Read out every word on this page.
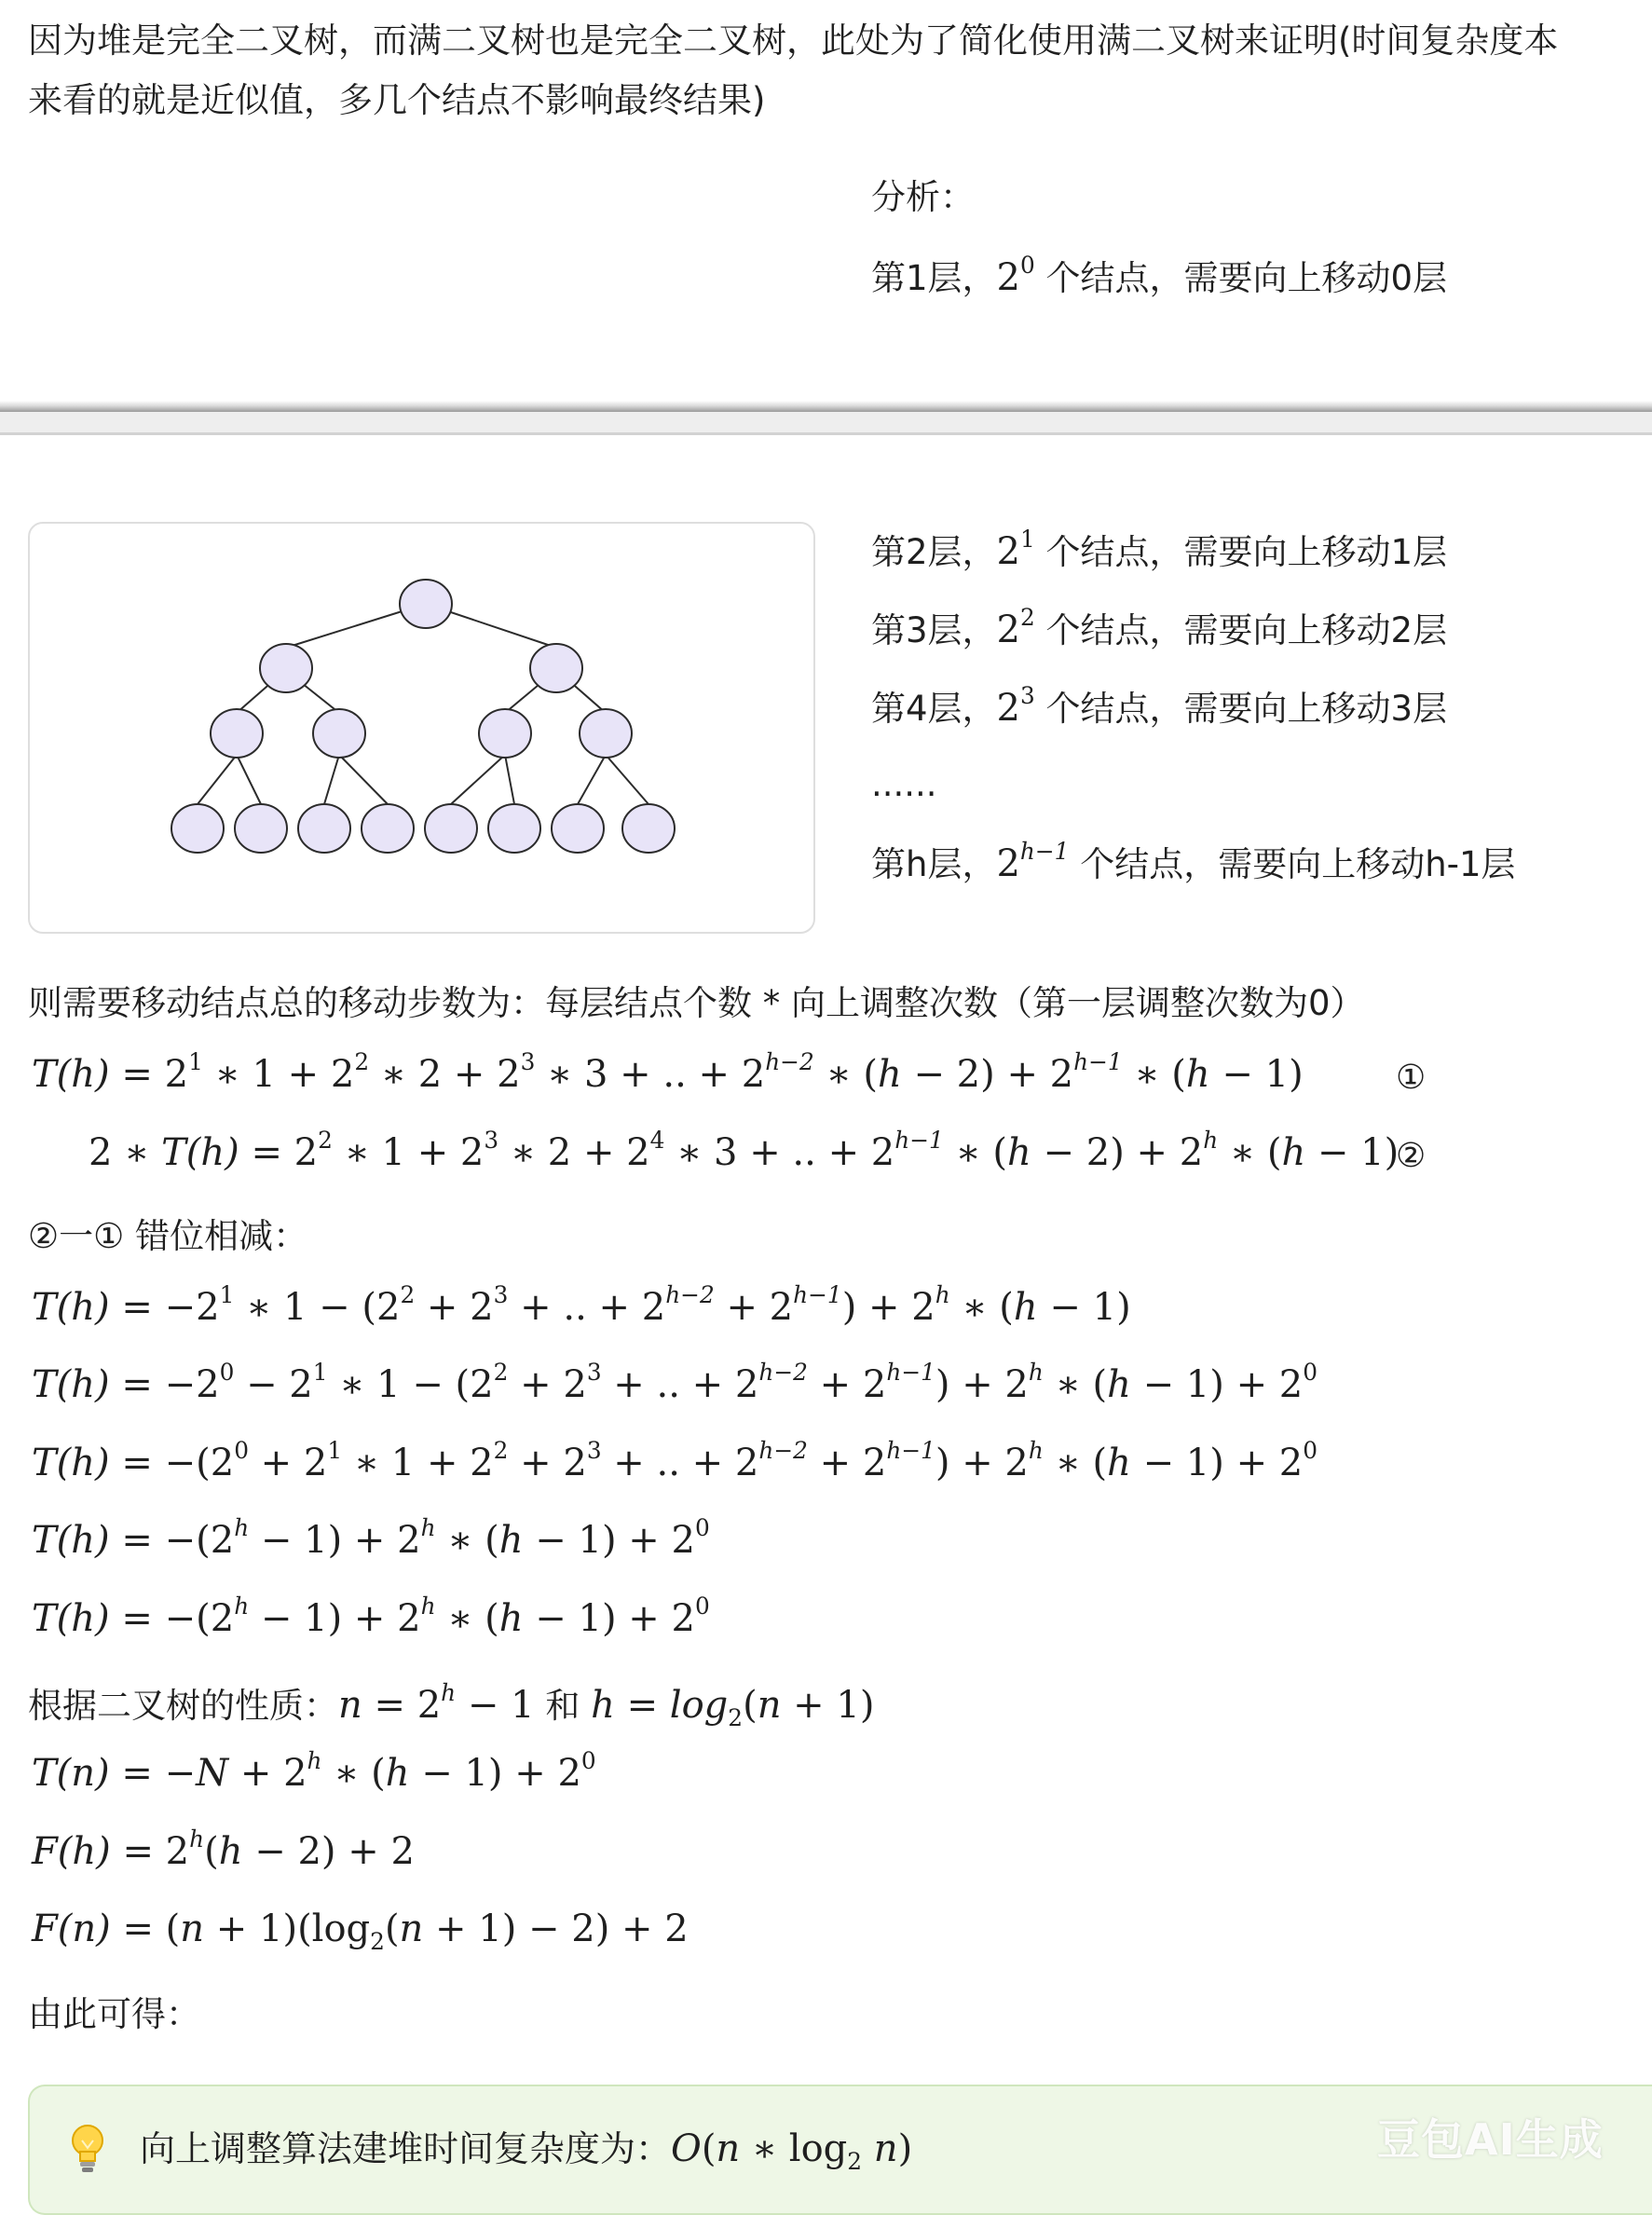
因为堆是完全二叉树，而满二叉树也是完全二叉树，此处为了简化使用满二叉树来证明(时间复杂度本
来看的就是近似值，多几个结点不影响最终结果)
分析：
第1层，$2^0$ 个结点，需要向上移动0层
第2层，$2^1$ 个结点，需要向上移动1层
第3层，$2^2$ 个结点，需要向上移动2层
第4层，$2^3$ 个结点，需要向上移动3层
......
第h层，$2^{h-1}$ 个结点，需要向上移动h-1层
则需要移动结点总的移动步数为：每层结点个数 * 向上调整次数（第一层调整次数为0）
$T(h) = 2^1$ ∗ $1 + 2^2$ ∗ $2 + 2^3$ ∗ 3 + .. + $2^{h-2}$ ∗ $(h - 2) + 2^{h-1}$ ∗ (h − 1)	①
2 ∗ $T(h) = 2^2$ ∗ $1 + 2^3$ ∗ $2 + 2^4$ ∗ 3 + .. + $2^{h-1}$ ∗ $(h - 2) + 2^h$ ∗ (h − 1)
②
②一① 错位相减：
$T(h) = -2^1$ ∗ $1 - (2^2 + 2^3$ + .. + $2^{h-2} + 2^{h-1}) + 2^h$ ∗ (h − 1)
$T(h) = -2^0 - 2^1$ ∗ $1 - (2^2 + 2^3$ + .. + $2^{h-2} + 2^{h-1}) + 2^h$ ∗ $(h - 1) + 2^0$
$T(h) = -(2^0 + 2^1$ ∗ $1 + 2^2 + 2^3$ + .. + $2^{h-2} + 2^{h-1}) + 2^h$ ∗ $(h - 1) + 2^0$
$T(h) = -(2^h - 1) + 2^h$ ∗ $(h - 1) + 2^0$
$T(h) = -(2^h - 1) + 2^h$ ∗ $(h - 1) + 2^0$
根据二叉树的性质：$n = 2^h - 1$ 和 $h = \log_2(n + 1)$
$T(n) = -N + 2^h$ ∗ $(h - 1) + 2^0$
$F(h) = 2^h(h - 2) + 2$
$F(n) = (n + 1)(\log_2(n + 1) - 2) + 2$
由此可得：
向上调整算法建堆时间复杂度为：O(n ∗ $\log_2 n$)	豆包AI生成
